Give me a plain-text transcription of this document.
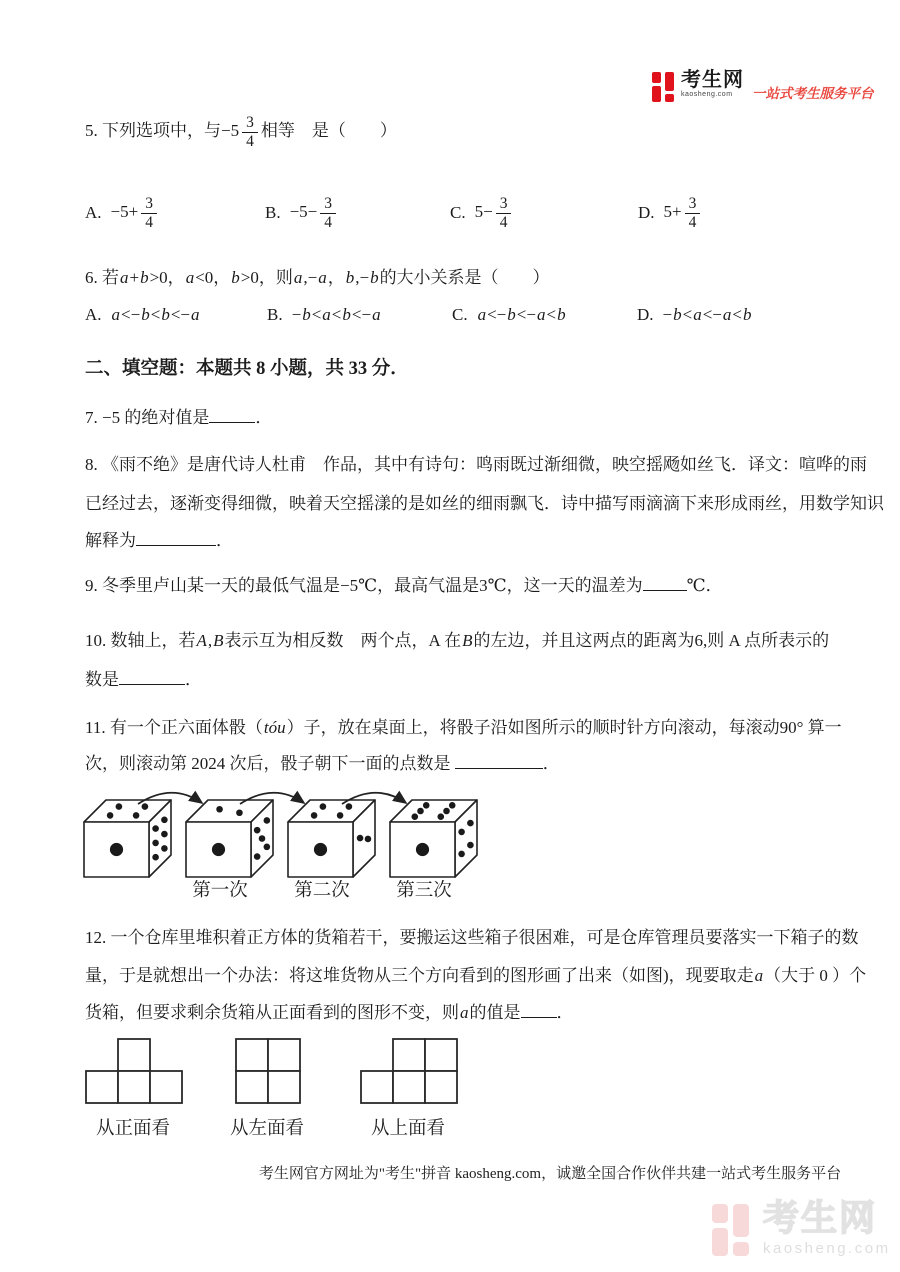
考生网
kaosheng.com	一站式考生服务平台
5. 下列选项中，与$-5 \frac{3}{4}$ 相等　是（　　）
A. $-5+ \frac{3}{4}$	B. $-5- \frac{3}{4}$	C. $5- \frac{3}{4}$	D. $5+ \frac{3}{4}$
6. 若a+b>0，a<0，b>0，则a,−a，b,−b的大小关系是（　　）
A. a<−b<b<−a	B. −b<a<b<−a	C. a<−b<−a<b	D. −b<a<−a<b
二、填空题：本题共 8 小题，共 33 分．
7. −5 的绝对值是	．
8. 《雨不绝》是唐代诗人杜甫　作品，其中有诗句：鸣雨既过渐细微，映空摇飏如丝飞．译文：喧哗的雨
已经过去，逐渐变得细微，映着天空摇漾的是如丝的细雨飘飞．诗中描写雨滴滴下来形成雨丝，用数学知识
解释为	．
9. 冬季里卢山某一天的最低气温是−5℃，最高气温是3℃，这一天的温差为	℃．
10. 数轴上，若A,B表示互为相反数　两个点，A 在B的左边，并且这两点的距离为6,则 A 点所表示的
数是	．
11. 有一个正六面体骰（tóu）子，放在桌面上，将骰子沿如图所示的顺时针方向滚动，每滚动90° 算一
次，则滚动第 2024 次后，骰子朝下一面的点数是	．
第一次	第二次	第三次
12. 一个仓库里堆积着正方体的货箱若干，要搬运这些箱子很困难，可是仓库管理员要落实一下箱子的数
量，于是就想出一个办法：将这堆货物从三个方向看到的图形画了出来（如图)，现要取走a（大于 0 ）个
货箱，但要求剩余货箱从正面看到的图形不变，则a的值是 ．
从正面看	从左面看	从上面看
考生网官方网址为"考生"拼音 kaosheng.com，诚邀全国合作伙伴共建一站式考生服务平台
考生网
kaosheng.com
